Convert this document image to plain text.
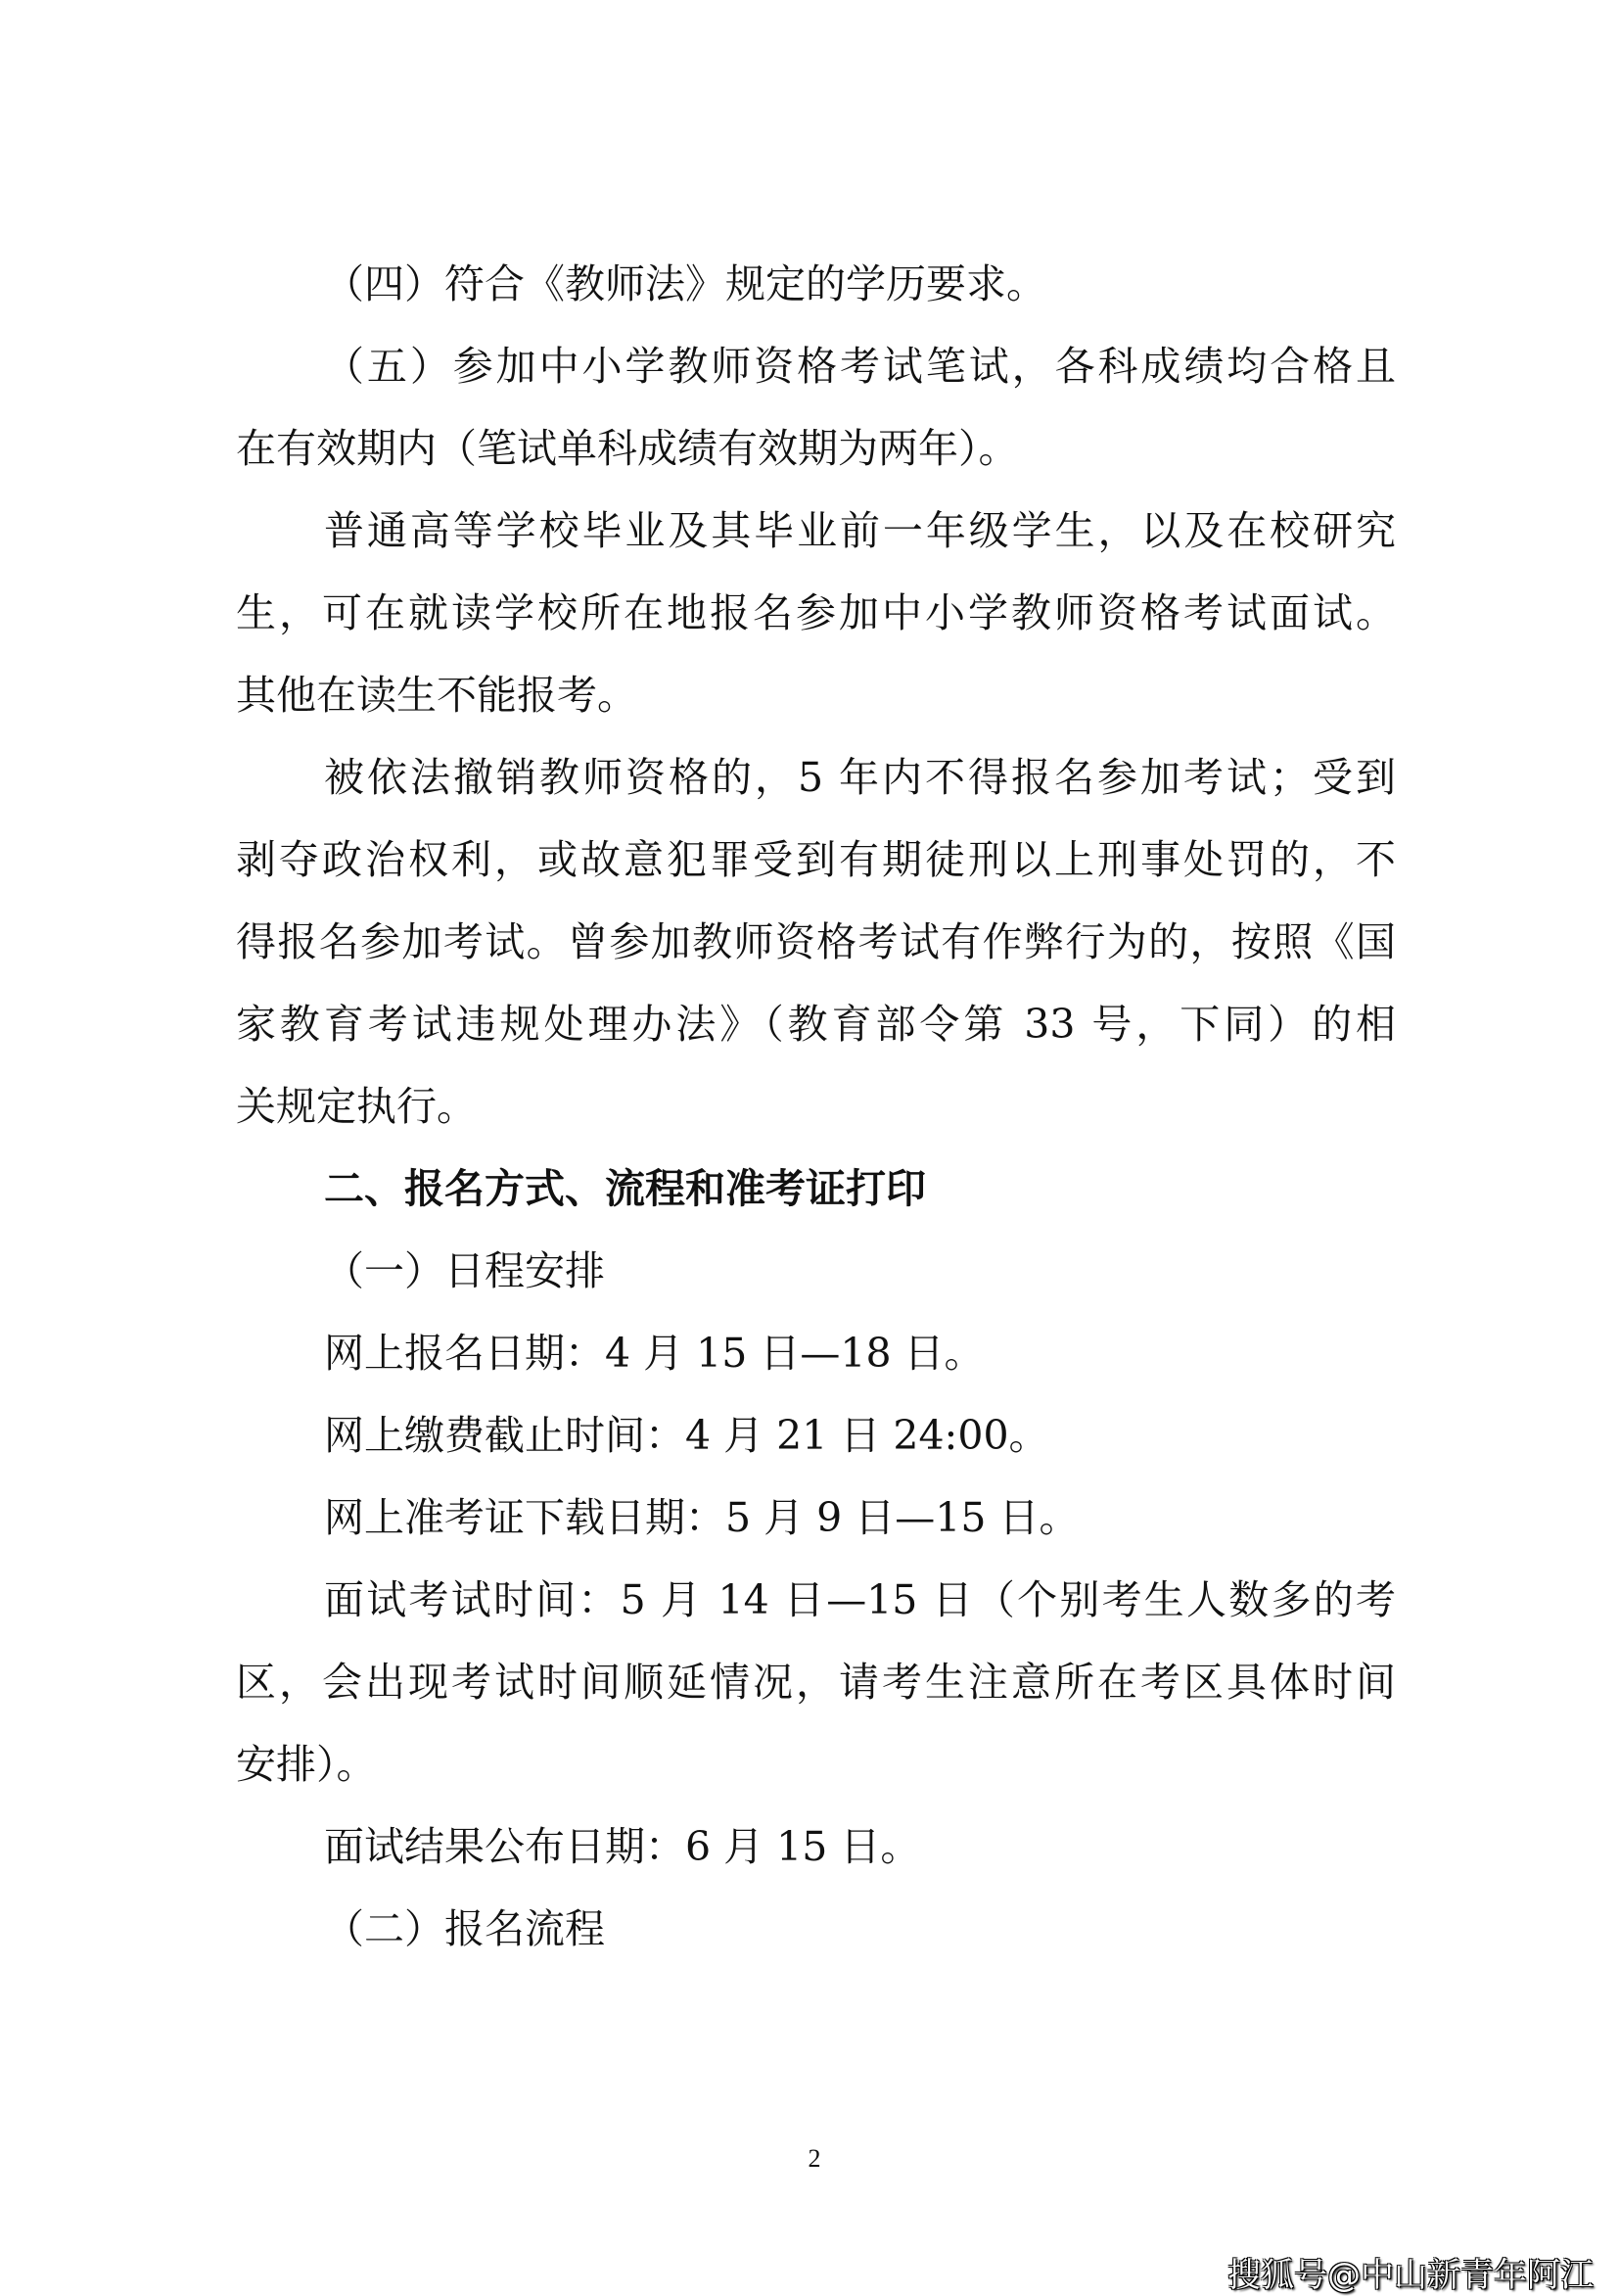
（四）符合《教师法》规定的学历要求。
（五）参加中小学教师资格考试笔试，各科成绩均合格且
在有效期内（笔试单科成绩有效期为两年）。
普通高等学校毕业及其毕业前一年级学生，以及在校研究
生，可在就读学校所在地报名参加中小学教师资格考试面试。
其他在读生不能报考。
被依法撤销教师资格的，5 年内不得报名参加考试；受到
剥夺政治权利，或故意犯罪受到有期徒刑以上刑事处罚的，不
得报名参加考试。曾参加教师资格考试有作弊行为的，按照《国
家教育考试违规处理办法》（教育部令第 33 号，下同）的相
关规定执行。
二、报名方式、流程和准考证打印
（一）日程安排
网上报名日期：4 月 15 日—18 日。
网上缴费截止时间：4 月 21 日 24:00。
网上准考证下载日期：5 月 9 日—15 日。
面试考试时间：5 月 14 日—15 日（个别考生人数多的考
区，会出现考试时间顺延情况，请考生注意所在考区具体时间
安排）。
面试结果公布日期：6 月 15 日。
（二）报名流程
2
搜狐号@中山新青年阿江
